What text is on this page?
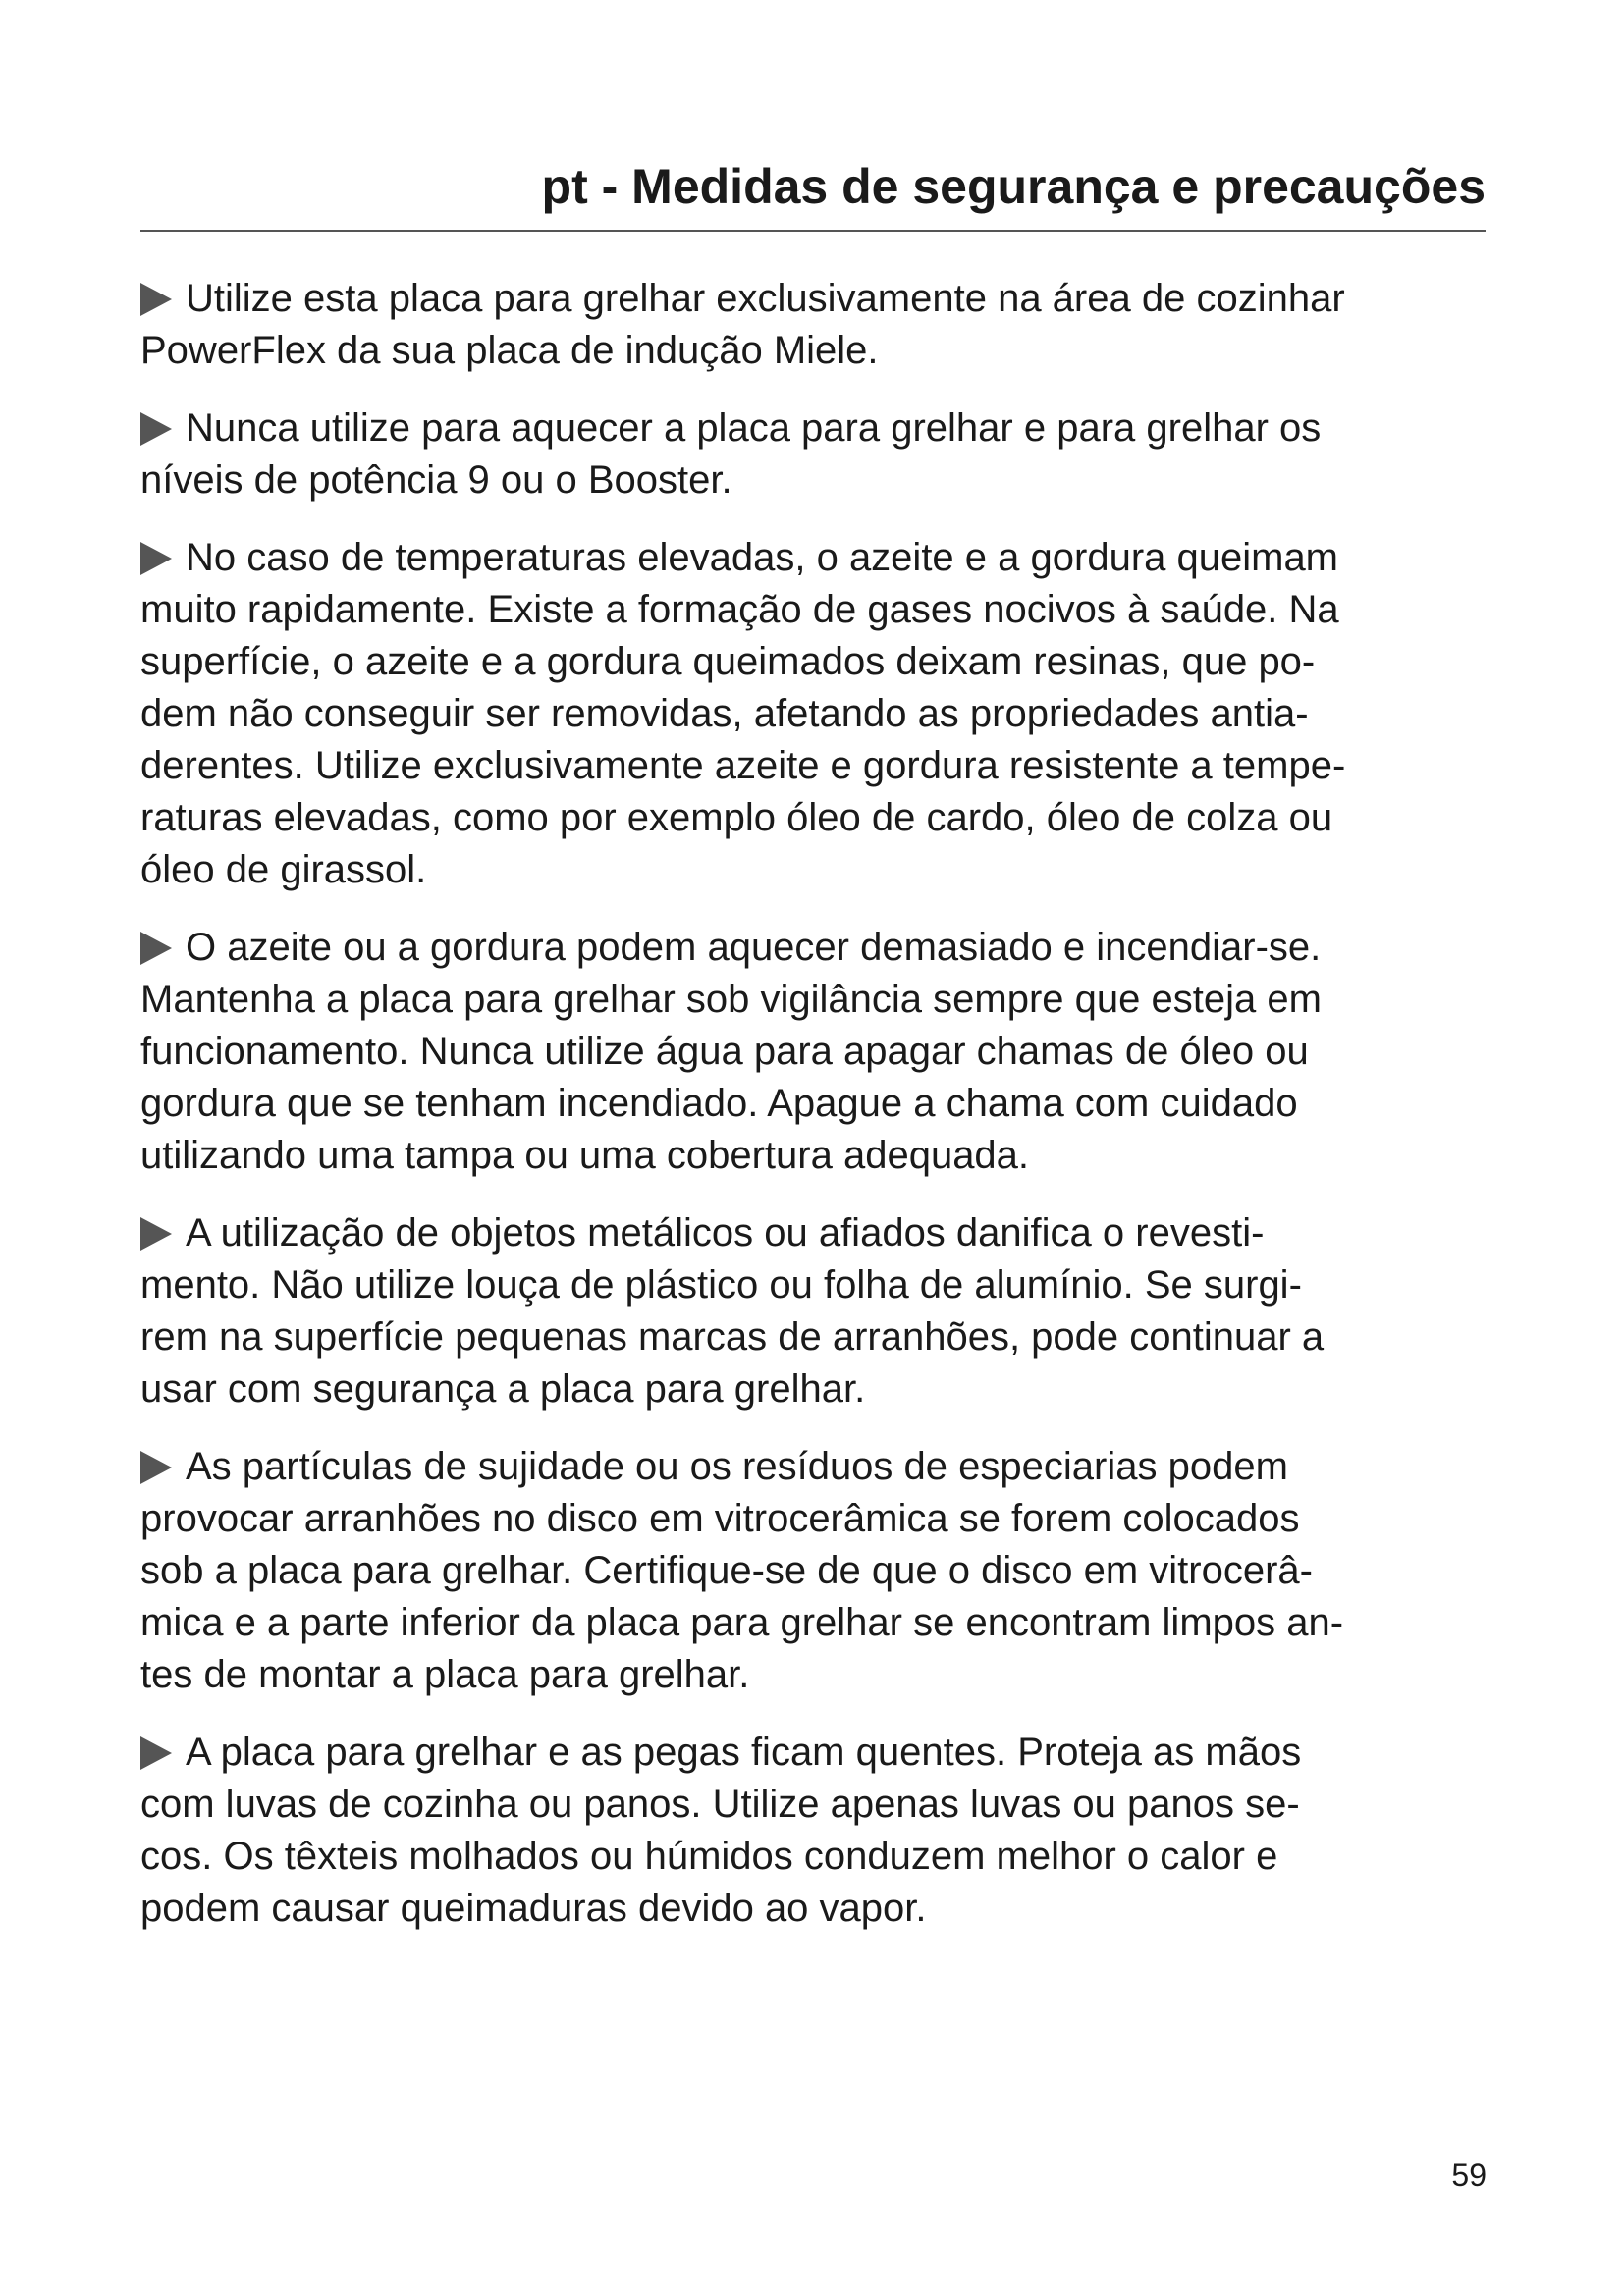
pt - Medidas de segurança e precauções

Utilize esta placa para grelhar exclusivamente na área de cozinhar
PowerFlex da sua placa de indução Miele.

Nunca utilize para aquecer a placa para grelhar e para grelhar os
níveis de potência 9 ou o Booster.

No caso de temperaturas elevadas, o azeite e a gordura queimam
muito rapidamente. Existe a formação de gases nocivos à saúde. Na
superfície, o azeite e a gordura queimados deixam resinas, que po-
dem não conseguir ser removidas, afetando as propriedades antia-
derentes. Utilize exclusivamente azeite e gordura resistente a tempe-
raturas elevadas, como por exemplo óleo de cardo, óleo de colza ou
óleo de girassol.

O azeite ou a gordura podem aquecer demasiado e incendiar-se.
Mantenha a placa para grelhar sob vigilância sempre que esteja em
funcionamento. Nunca utilize água para apagar chamas de óleo ou
gordura que se tenham incendiado. Apague a chama com cuidado
utilizando uma tampa ou uma cobertura adequada.

A utilização de objetos metálicos ou afiados danifica o revesti-
mento. Não utilize louça de plástico ou folha de alumínio. Se surgi-
rem na superfície pequenas marcas de arranhões, pode continuar a
usar com segurança a placa para grelhar.

As partículas de sujidade ou os resíduos de especiarias podem
provocar arranhões no disco em vitrocerâmica se forem colocados
sob a placa para grelhar. Certifique-se de que o disco em vitrocerâ-
mica e a parte inferior da placa para grelhar se encontram limpos an-
tes de montar a placa para grelhar.

A placa para grelhar e as pegas ficam quentes. Proteja as mãos
com luvas de cozinha ou panos. Utilize apenas luvas ou panos se-
cos. Os têxteis molhados ou húmidos conduzem melhor o calor e
podem causar queimaduras devido ao vapor.

59
